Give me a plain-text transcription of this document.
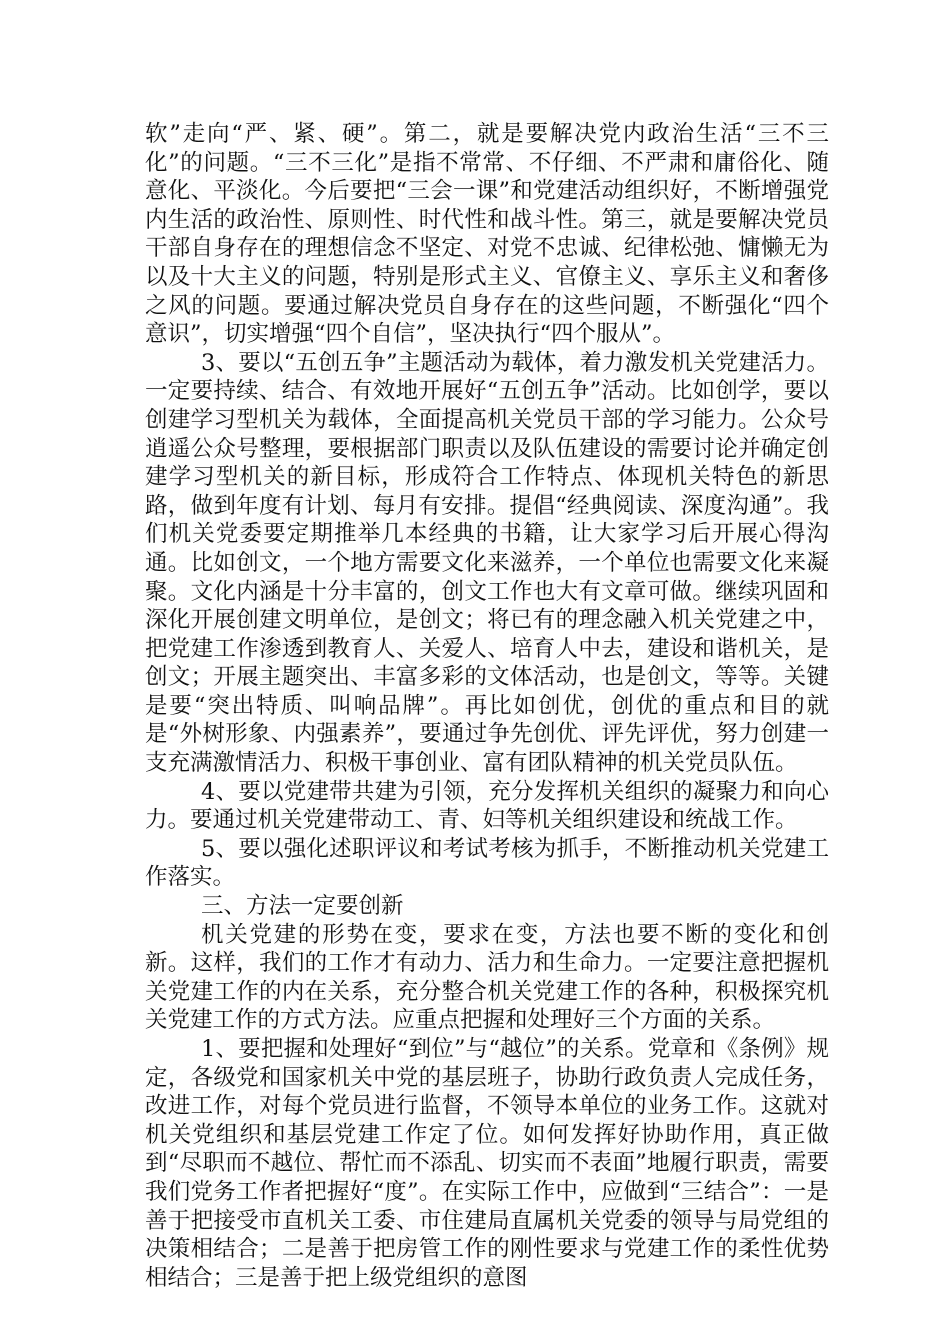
软”走向“严、紧、硬”。第二，就是要解决党内政治生活“三不三化”的问题。“三不三化”是指不常常、不仔细、不严肃和庸俗化、随意化、平淡化。今后要把“三会一课”和党建活动组织好，不断增强党内生活的政治性、原则性、时代性和战斗性。第三，就是要解决党员干部自身存在的理想信念不坚定、对党不忠诚、纪律松弛、慵懒无为以及十大主义的问题，特别是形式主义、官僚主义、享乐主义和奢侈之风的问题。要通过解决党员自身存在的这些问题，不断强化“四个意识”，切实增强“四个自信”，坚决执行“四个服从”。

3、要以“五创五争”主题活动为载体，着力激发机关党建活力。一定要持续、结合、有效地开展好“五创五争”活动。比如创学，要以创建学习型机关为载体，全面提高机关党员干部的学习能力。公众号逍遥公众号整理，要根据部门职责以及队伍建设的需要讨论并确定创建学习型机关的新目标，形成符合工作特点、体现机关特色的新思路，做到年度有计划、每月有安排。提倡“经典阅读、深度沟通”。我们机关党委要定期推举几本经典的书籍，让大家学习后开展心得沟通。比如创文，一个地方需要文化来滋养，一个单位也需要文化来凝聚。文化内涵是十分丰富的，创文工作也大有文章可做。继续巩固和深化开展创建文明单位，是创文；将已有的理念融入机关党建之中，把党建工作渗透到教育人、关爱人、培育人中去，建设和谐机关，是创文；开展主题突出、丰富多彩的文体活动，也是创文，等等。关键是要“突出特质、叫响品牌”。再比如创优，创优的重点和目的就是“外树形象、内强素养”，要通过争先创优、评先评优，努力创建一支充满激情活力、积极干事创业、富有团队精神的机关党员队伍。

4、要以党建带共建为引领，充分发挥机关组织的凝聚力和向心力。要通过机关党建带动工、青、妇等机关组织建设和统战工作。

5、要以强化述职评议和考试考核为抓手，不断推动机关党建工作落实。

三、方法一定要创新

机关党建的形势在变，要求在变，方法也要不断的变化和创新。这样，我们的工作才有动力、活力和生命力。一定要注意把握机关党建工作的内在关系，充分整合机关党建工作的各种，积极探究机关党建工作的方式方法。应重点把握和处理好三个方面的关系。

1、要把握和处理好“到位”与“越位”的关系。党章和《条例》规定，各级党和国家机关中党的基层班子，协助行政负责人完成任务，改进工作，对每个党员进行监督，不领导本单位的业务工作。这就对机关党组织和基层党建工作定了位。如何发挥好协助作用，真正做到“尽职而不越位、帮忙而不添乱、切实而不表面”地履行职责，需要我们党务工作者把握好“度”。在实际工作中，应做到“三结合”：一是善于把接受市直机关工委、市住建局直属机关党委的领导与局党组的决策相结合；二是善于把房管工作的刚性要求与党建工作的柔性优势相结合；三是善于把上级党组织的意图
